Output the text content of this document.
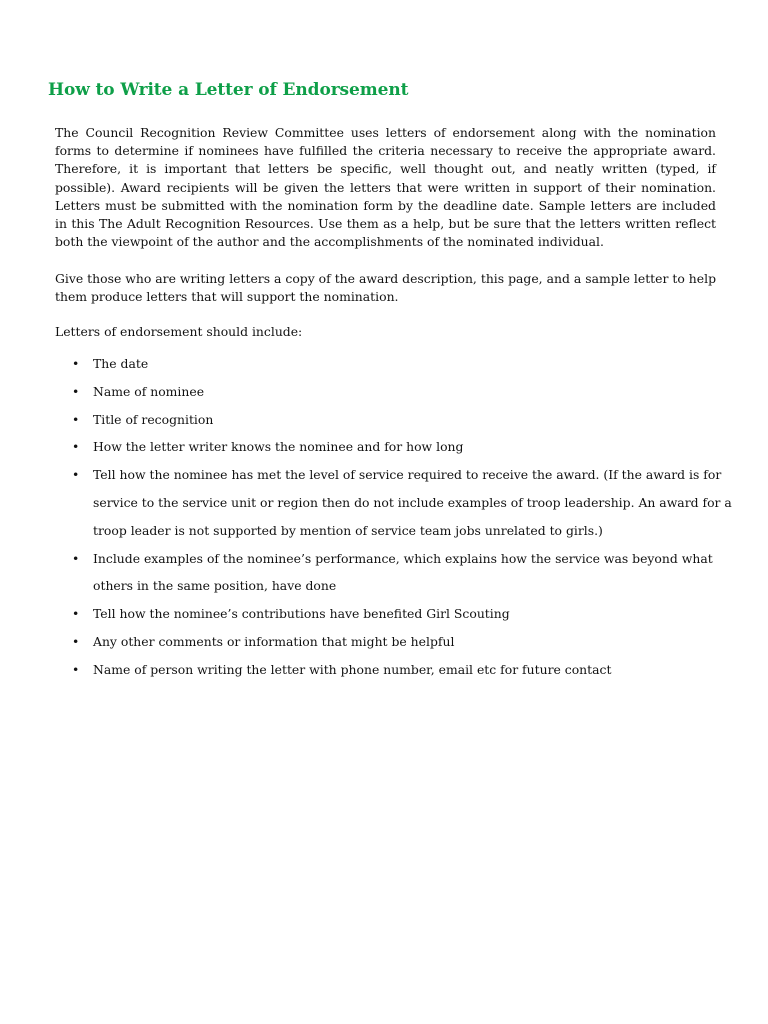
How to Write a Letter of Endorsement

The Council Recognition Review Committee uses letters of endorsement along with the nomination forms to determine if nominees have fulfilled the criteria necessary to receive the appropriate award. Therefore, it is important that letters be specific, well thought out, and neatly written (typed, if possible). Award recipients will be given the letters that were written in support of their nomination. Letters must be submitted with the nomination form by the deadline date. Sample letters are included in this The Adult Recognition Resources. Use them as a help, but be sure that the letters written reflect both the viewpoint of the author and the accomplishments of the nominated individual.

Give those who are writing letters a copy of the award description, this page, and a sample letter to help them produce letters that will support the nomination.

Letters of endorsement should include:

• The date
• Name of nominee
• Title of recognition
• How the letter writer knows the nominee and for how long
• Tell how the nominee has met the level of service required to receive the award. (If the award is for service to the service unit or region then do not include examples of troop leadership. An award for a troop leader is not supported by mention of service team jobs unrelated to girls.)
• Include examples of the nominee’s performance, which explains how the service was beyond what others in the same position, have done
• Tell how the nominee’s contributions have benefited Girl Scouting
• Any other comments or information that might be helpful
• Name of person writing the letter with phone number, email etc for future contact
